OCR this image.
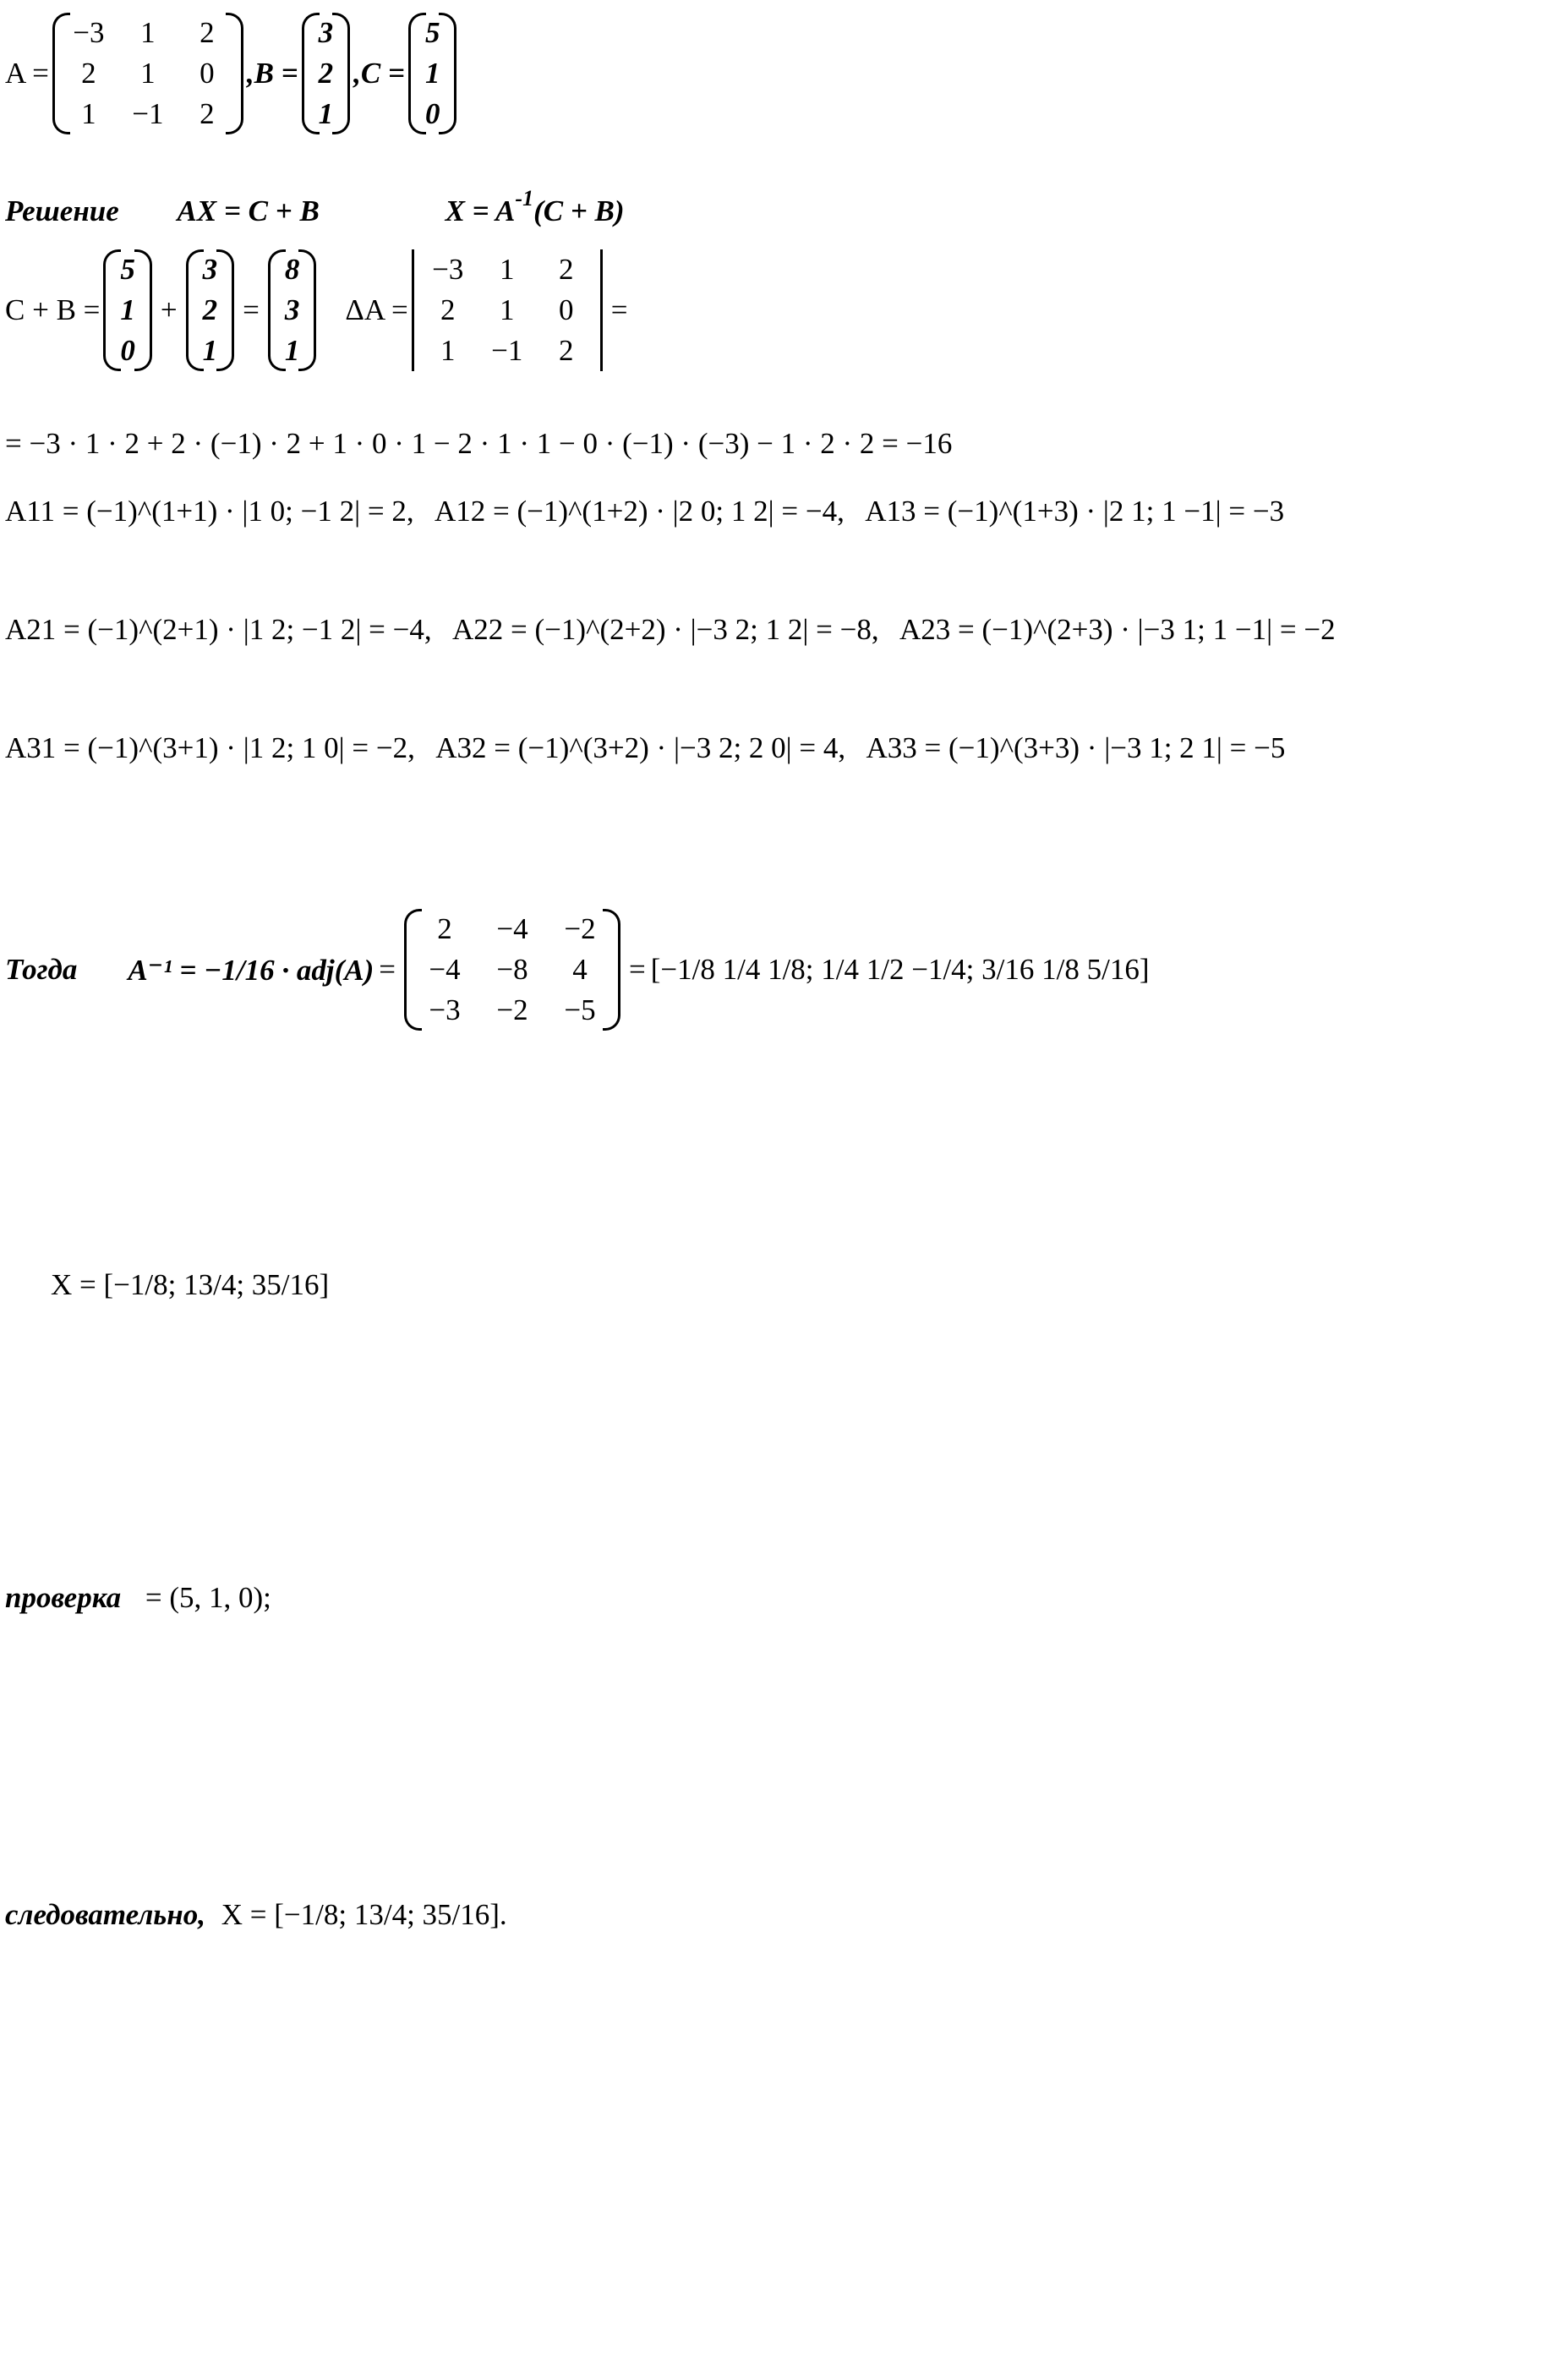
A =
−3	1	2
2	1	0
1	−1	2
,B =
3
2
1
,C =
5
1
0
Решение AX = C + B	$X = A^{-1}(C + B)$
C + B =
5
1
0
+
3
2
1
=
8
3
1
ΔA =
−3	1	2
2	1	0
1	−1	2
=
= −3 · 1 · 2 + 2 · (−1) · 2 + 1 · 0 · 1 − 2 · 1 · 1 − 0 · (−1) · (−3) − 1 · 2 · 2 = −16
A11 = (−1)^(1+1) · |1 0; −1 2| = 2,   A12 = (−1)^(1+2) · |2 0; 1 2| = −4,   A13 = (−1)^(1+3) · |2 1; 1 −1| = −3
A21 = (−1)^(2+1) · |1 2; −1 2| = −4,   A22 = (−1)^(2+2) · |−3 2; 1 2| = −8,   A23 = (−1)^(2+3) · |−3 1; 1 −1| = −2
A31 = (−1)^(3+1) · |1 2; 1 0| = −2,   A32 = (−1)^(3+2) · |−3 2; 2 0| = 4,   A33 = (−1)^(3+3) · |−3 1; 2 1| = −5
Тогда A⁻¹ = −1/16 · adj(A) =
2	−4	−2
−4	−8	4
−3	−2	−5
= [−1/8 1/4 1/8; 1/4 1/2 −1/4; 3/16 1/8 5/16]
X = [−1/8; 13/4; 35/16]
проверка = (5, 1, 0);
следовательно, X = [−1/8; 13/4; 35/16].
